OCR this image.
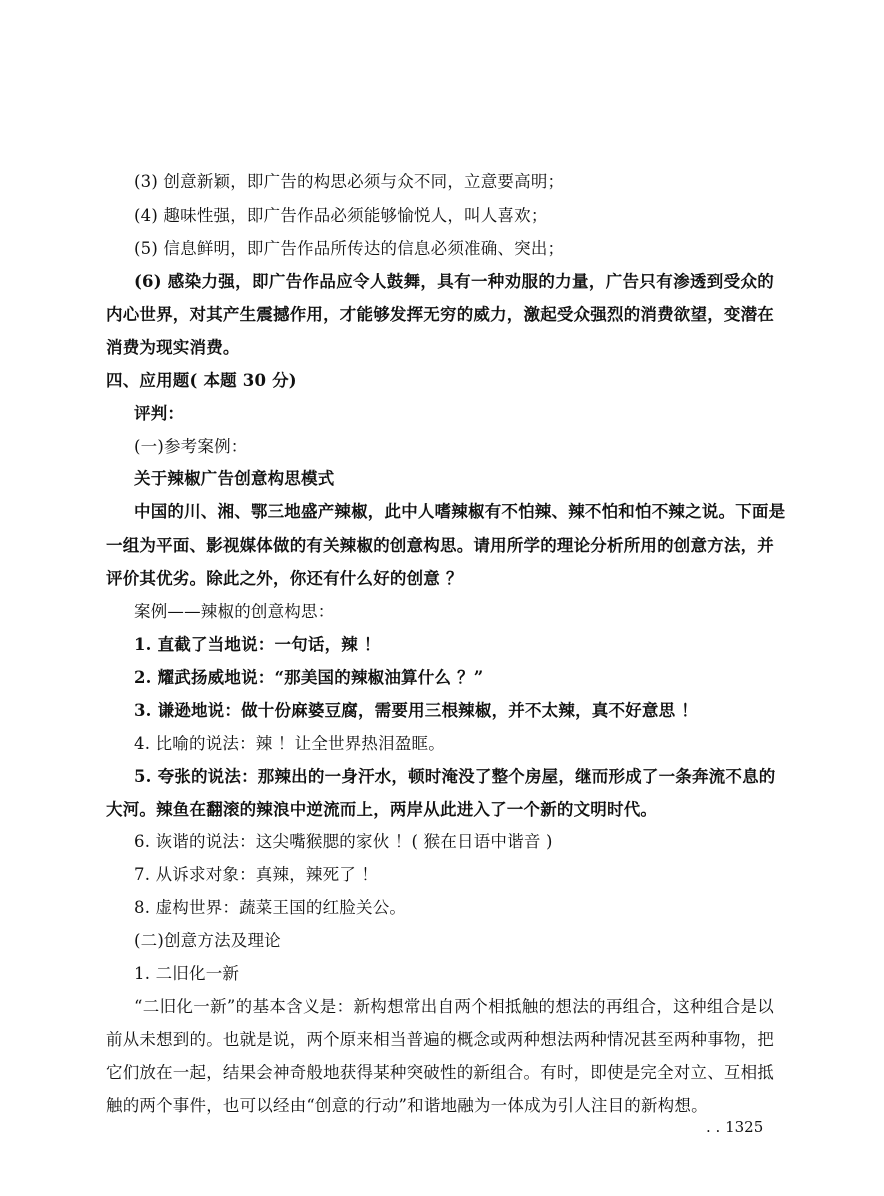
(3) 创意新颖，即广告的构思必须与众不同，立意要高明；
(4) 趣味性强，即广告作品必须能够愉悦人，叫人喜欢；
(5) 信息鲜明，即广告作品所传达的信息必须准确、突出；
(6) 感染力强，即广告作品应令人鼓舞，具有一种劝服的力量，广告只有渗透到受众的
内心世界，对其产生震撼作用，才能够发挥无穷的威力，激起受众强烈的消费欲望，变潜在
消费为现实消费。
四、应用题( 本题 30 分)
评判：
(一)参考案例：
关于辣椒广告创意构思模式
中国的川、湘、鄂三地盛产辣椒，此中人嗜辣椒有不怕辣、辣不怕和怕不辣之说。下面是
一组为平面、影视媒体做的有关辣椒的创意构思。请用所学的理论分析所用的创意方法，并
评价其优劣。除此之外，你还有什么好的创意 ？
案例——辣椒的创意构思：
1. 直截了当地说：一句话，辣 ！
2. 耀武扬威地说：“那美国的辣椒油算什么 ？”
3. 谦逊地说：做十份麻婆豆腐，需要用三根辣椒，并不太辣，真不好意思 ！
4. 比喻的说法：辣 ！让全世界热泪盈眶。
5. 夸张的说法：那辣出的一身汗水，顿时淹没了整个房屋，继而形成了一条奔流不息的
大河。辣鱼在翻滚的辣浪中逆流而上，两岸从此进入了一个新的文明时代。
6. 诙谐的说法：这尖嘴猴腮的家伙 ！( 猴在日语中谐音 )
7. 从诉求对象：真辣，辣死了 ！
8. 虚构世界：蔬菜王国的红脸关公。
(二)创意方法及理论
1. 二旧化一新
“二旧化一新”的基本含义是：新构想常出自两个相抵触的想法的再组合，这种组合是以
前从未想到的。也就是说，两个原来相当普遍的概念或两种想法两种情况甚至两种事物，把
它们放在一起，结果会神奇般地获得某种突破性的新组合。有时，即使是完全对立、互相抵
触的两个事件，也可以经由“创意的行动”和谐地融为一体成为引人注目的新构想。
. . 1325
